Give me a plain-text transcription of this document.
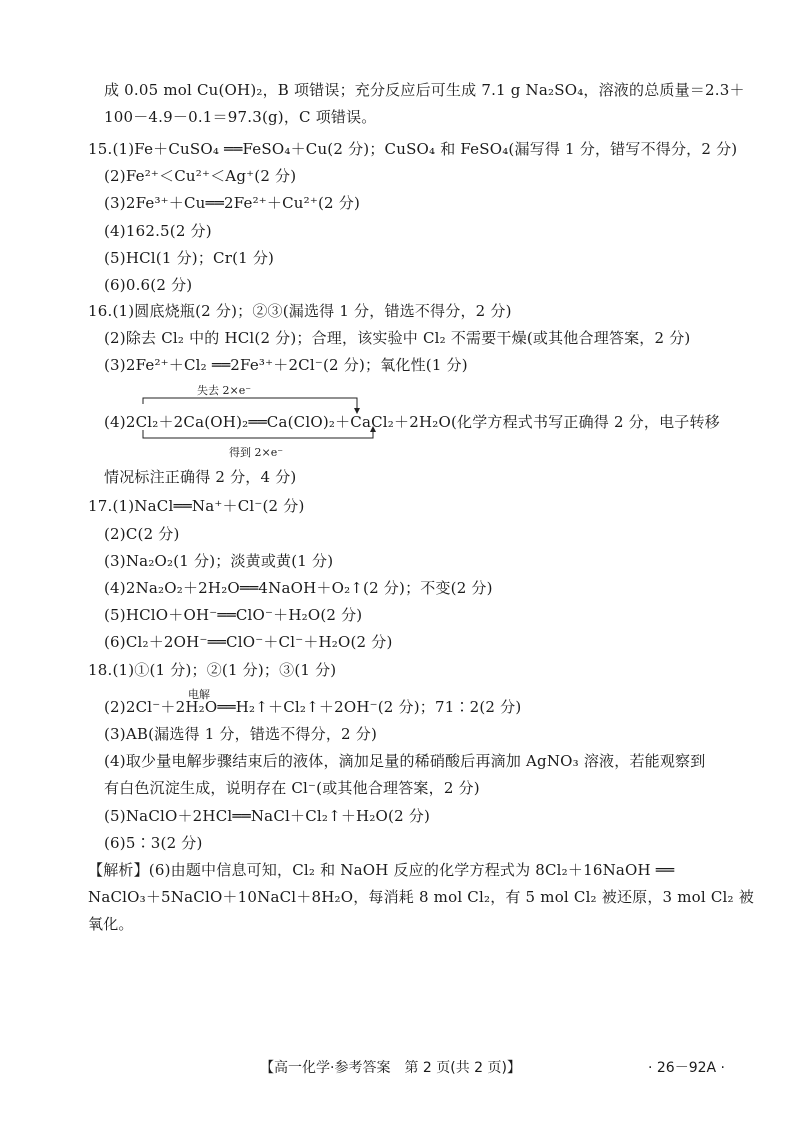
成 0.05 mol Cu(OH)₂，B 项错误；充分反应后可生成 7.1 g Na₂SO₄，溶液的总质量＝2.3＋
100－4.9－0.1＝97.3(g)，C 项错误。
15.(1)Fe＋CuSO₄ ══FeSO₄＋Cu(2 分)；CuSO₄ 和 FeSO₄(漏写得 1 分，错写不得分，2 分)
(2)Fe²⁺＜Cu²⁺＜Ag⁺(2 分)
(3)2Fe³⁺＋Cu══2Fe²⁺＋Cu²⁺(2 分)
(4)162.5(2 分)
(5)HCl(1 分)；Cr(1 分)
(6)0.6(2 分)
16.(1)圆底烧瓶(2 分)；②③(漏选得 1 分，错选不得分，2 分)
(2)除去 Cl₂ 中的 HCl(2 分)；合理，该实验中 Cl₂ 不需要干燥(或其他合理答案，2 分)
(3)2Fe²⁺＋Cl₂ ══2Fe³⁺＋2Cl⁻(2 分)；氧化性(1 分)
失去 2×e⁻
(4)2Cl₂＋2Ca(OH)₂══Ca(ClO)₂＋CaCl₂＋2H₂O(化学方程式书写正确得 2 分，电子转移
得到 2×e⁻
情况标注正确得 2 分，4 分)
17.(1)NaCl══Na⁺＋Cl⁻(2 分)
(2)C(2 分)
(3)Na₂O₂(1 分)；淡黄或黄(1 分)
(4)2Na₂O₂＋2H₂O══4NaOH＋O₂↑(2 分)；不变(2 分)
(5)HClO＋OH⁻══ClO⁻＋H₂O(2 分)
(6)Cl₂＋2OH⁻══ClO⁻＋Cl⁻＋H₂O(2 分)
18.(1)①(1 分)；②(1 分)；③(1 分)
电解
(2)2Cl⁻＋2H₂O══H₂↑＋Cl₂↑＋2OH⁻(2 分)；71∶2(2 分)
(3)AB(漏选得 1 分，错选不得分，2 分)
(4)取少量电解步骤结束后的液体，滴加足量的稀硝酸后再滴加 AgNO₃ 溶液，若能观察到
有白色沉淀生成，说明存在 Cl⁻(或其他合理答案，2 分)
(5)NaClO＋2HCl══NaCl＋Cl₂↑＋H₂O(2 分)
(6)5∶3(2 分)
【解析】(6)由题中信息可知，Cl₂ 和 NaOH 反应的化学方程式为 8Cl₂＋16NaOH ══
NaClO₃＋5NaClO＋10NaCl＋8H₂O，每消耗 8 mol Cl₂，有 5 mol Cl₂ 被还原，3 mol Cl₂ 被
氧化。
【高一化学·参考答案　第 2 页(共 2 页)】	· 26－92A ·
